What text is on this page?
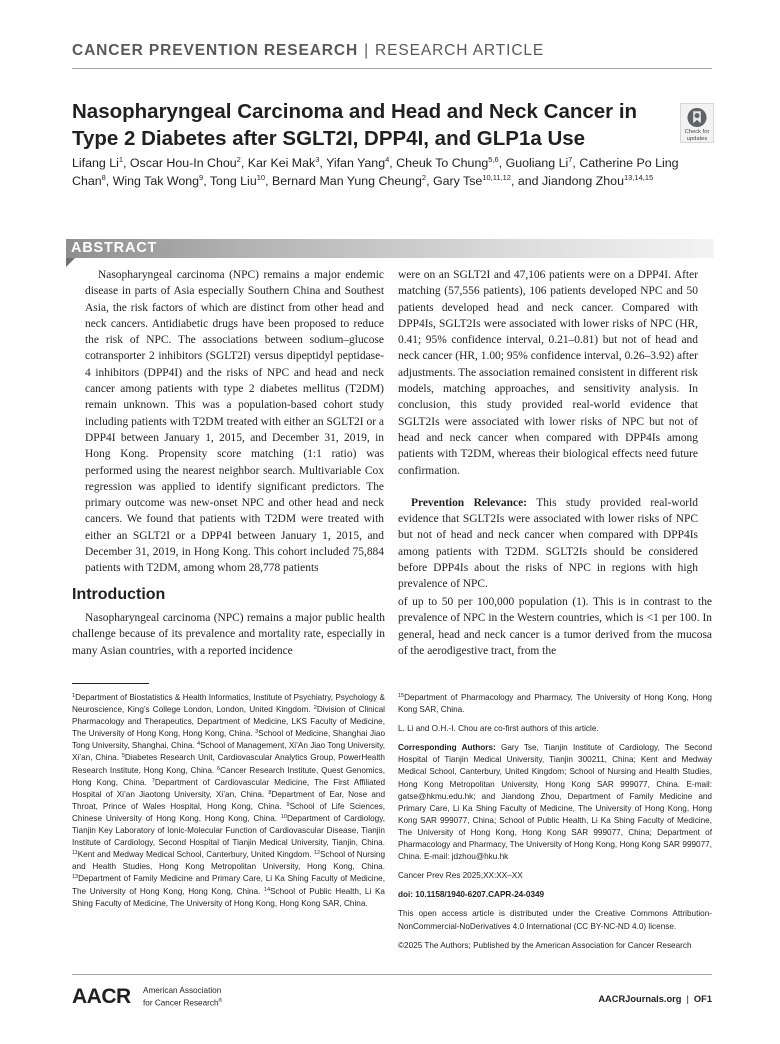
CANCER PREVENTION RESEARCH | RESEARCH ARTICLE
Nasopharyngeal Carcinoma and Head and Neck Cancer in Type 2 Diabetes after SGLT2I, DPP4I, and GLP1a Use	Check for
updates
Lifang Li$^1$, Oscar Hou-In Chou$^2$, Kar Kei Mak$^3$, Yifan Yang$^4$, Cheuk To Chung$^{5,6}$, Guoliang Li$^7$, Catherine Po Ling Chan$^8$, Wing Tak Wong$^9$, Tong Liu$^{10}$, Bernard Man Yung Cheung$^2$, Gary Tse$^{10,11,12}$, and Jiandong Zhou$^{13,14,15}$
ABSTRACT

Nasopharyngeal carcinoma (NPC) remains a major endemic disease in parts of Asia especially Southern China and Southest Asia, the risk factors of which are distinct from other head and neck cancers. Antidiabetic drugs have been proposed to reduce the risk of NPC. The associations between sodium–glucose cotransporter 2 inhibitors (SGLT2I) versus dipeptidyl peptidase-4 inhibitors (DPP4I) and the risks of NPC and head and neck cancer among patients with type 2 diabetes mellitus (T2DM) remain unknown. This was a population-based cohort study including patients with T2DM treated with either an SGLT2I or a DPP4I between January 1, 2015, and December 31, 2019, in Hong Kong. Propensity score matching (1:1 ratio) was performed using the nearest neighbor search. Multivariable Cox regression was applied to identify significant predictors. The primary outcome was new-onset NPC and other head and neck cancers. We found that patients with T2DM were treated with either an SGLT2I or a DPP4I between January 1, 2015, and December 31, 2019, in Hong Kong. This cohort included 75,884 patients with T2DM, among whom 28,778 patients

were on an SGLT2I and 47,106 patients were on a DPP4I. After matching (57,556 patients), 106 patients developed NPC and 50 patients developed head and neck cancer. Compared with DPP4Is, SGLT2Is were associated with lower risks of NPC (HR, 0.41; 95% confidence interval, 0.21–0.81) but not of head and neck cancer (HR, 1.00; 95% confidence interval, 0.26–3.92) after adjustments. The association remained consistent in different risk models, matching approaches, and sensitivity analysis. In conclusion, this study provided real-world evidence that SGLT2Is were associated with lower risks of NPC but not of head and neck cancer when compared with DPP4Is among patients with T2DM, whereas their biological effects need future confirmation.

Prevention Relevance: This study provided real-world evidence that SGLT2Is were associated with lower risks of NPC but not of head and neck cancer when compared with DPP4Is among patients with T2DM. SGLT2Is should be considered before DPP4Is about the risks of NPC in regions with high prevalence of NPC.

Introduction

Nasopharyngeal carcinoma (NPC) remains a major public health challenge because of its prevalence and mortality rate, especially in many Asian countries, with a reported incidence

of up to 50 per 100,000 population (1). This is in contrast to the prevalence of NPC in the Western countries, which is <1 per 100. In general, head and neck cancer is a tumor derived from the mucosa of the aerodigestive tract, from the

$^1$Department of Biostatistics & Health Informatics, Institute of Psychiatry, Psychology & Neuroscience, King’s College London, London, United Kingdom. $^2$Division of Clinical Pharmacology and Therapeutics, Department of Medicine, LKS Faculty of Medicine, The University of Hong Kong, Hong Kong, China. $^3$School of Medicine, Shanghai Jiao Tong University, Shanghai, China. $^4$School of Management, Xi’An Jiao Tong University, Xi’an, China. $^5$Diabetes Research Unit, Cardiovascular Analytics Group, PowerHealth Research Institute, Hong Kong, China. $^6$Cancer Research Institute, Quest Genomics, Hong Kong, China. $^7$Department of Cardiovascular Medicine, The First Affiliated Hospital of Xi’an Jiaotong University, Xi’an, China. $^8$Department of Ear, Nose and Throat, Prince of Wales Hospital, Hong Kong, China. $^9$School of Life Sciences, Chinese University of Hong Kong, Hong Kong, China. $^{10}$Department of Cardiology, Tianjin Key Laboratory of Ionic-Molecular Function of Cardiovascular Disease, Tianjin Institute of Cardiology, Second Hospital of Tianjin Medical University, Tianjin, China. $^{11}$Kent and Medway Medical School, Canterbury, United Kingdom. $^{12}$School of Nursing and Health Studies, Hong Kong Metropolitan University, Hong Kong, China. $^{13}$Department of Family Medicine and Primary Care, Li Ka Shing Faculty of Medicine, The University of Hong Kong, Hong Kong, China. $^{14}$School of Public Health, Li Ka Shing Faculty of Medicine, The University of Hong Kong, Hong Kong SAR, China.

$^{15}$Department of Pharmacology and Pharmacy, The University of Hong Kong, Hong Kong SAR, China.

L. Li and O.H.-I. Chou are co-first authors of this article.

Corresponding Authors: Gary Tse, Tianjin Institute of Cardiology, The Second Hospital of Tianjin Medical University, Tianjin 300211, China; Kent and Medway Medical School, Canterbury, United Kingdom; School of Nursing and Health Studies, Hong Kong Metropolitan University, Hong Kong SAR 999077, China. E-mail: gatse@hkmu.edu.hk; and Jiandong Zhou, Department of Family Medicine and Primary Care, Li Ka Shing Faculty of Medicine, The University of Hong Kong, Hong Kong SAR 999077, China; School of Public Health, Li Ka Shing Faculty of Medicine, The University of Hong Kong, Hong Kong SAR 999077, China; Department of Pharmacology and Pharmacy, The University of Hong Kong, Hong Kong SAR 999077, China. E-mail: jdzhou@hku.hk

Cancer Prev Res 2025;XX:XX–XX

doi: 10.1158/1940-6207.CAPR-24-0349

This open access article is distributed under the Creative Commons Attribution-NonCommercial-NoDerivatives 4.0 International (CC BY-NC-ND 4.0) license.

©2025 The Authors; Published by the American Association for Cancer Research

AACR American Association
for Cancer Research®	AACRJournals.org | OF1
